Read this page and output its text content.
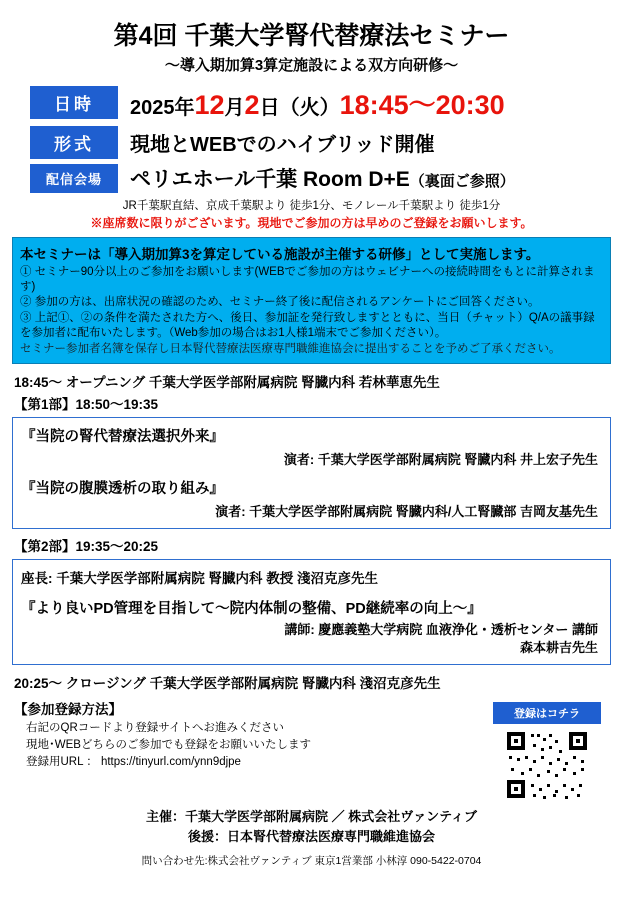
第4回 千葉大学腎代替療法セミナー
〜導入期加算3算定施設による双方向研修〜
日時	2025年12月2日（火）18:45〜20:30
形式	現地とWEBでのハイブリッド開催
配信会場	ペリエホール千葉 Room D+E（裏面ご参照）
JR千葉駅直結、京成千葉駅より 徒歩1分、モノレール千葉駅より 徒歩1分
※座席数に限りがございます。現地でご参加の方は早めのご登録をお願いします。
本セミナーは「導入期加算3を算定している施設が主催する研修」として実施します。
① セミナー90分以上のご参加をお願いします(WEBでご参加の方はウェビナーへの接続時間をもとに計算されます)
② 参加の方は、出席状況の確認のため、セミナー終了後に配信されるアンケートにご回答ください。
③ 上記①、②の条件を満たされた方へ、後日、参加証を発行致しますとともに、当日（チャット）Q/Aの議事録を参加者に配布いたします。（Web参加の場合はお1人様1端末でご参加ください）。
セミナー参加者名簿を保存し日本腎代替療法医療専門職維進協会に提出することを予めご了承ください。
18:45〜 オープニング 千葉大学医学部附属病院 腎臓内科 若林華恵先生
【第1部】18:50〜19:35
『当院の腎代替療法選択外来』
演者: 千葉大学医学部附属病院 腎臓内科 井上宏子先生
『当院の腹膜透析の取り組み』
演者: 千葉大学医学部附属病院 腎臓内科/人工腎臓部 吉岡友基先生
【第2部】19:35〜20:25
座長: 千葉大学医学部附属病院 腎臓内科 教授 淺沼克彦先生
『より良いPD管理を目指して〜院内体制の整備、PD継続率の向上〜』
講師: 慶應義塾大学病院 血液浄化・透析センター 講師
森本耕吉先生
20:25〜 クロージング 千葉大学医学部附属病院 腎臓内科 淺沼克彦先生
【参加登録方法】
右記のQRコードより登録サイトへお進みください
現地･WEBどちらのご参加でも登録をお願いいたします
登録用URL ： https://tinyurl.com/ynn9djpe
登録はコチラ
主催：千葉大学医学部附属病院 ／ 株式会社ヴァンティブ
後援：日本腎代替療法医療専門職維進協会
問い合わせ先:株式会社ヴァンティブ 東京1営業部 小林淳 090-5422-0704
